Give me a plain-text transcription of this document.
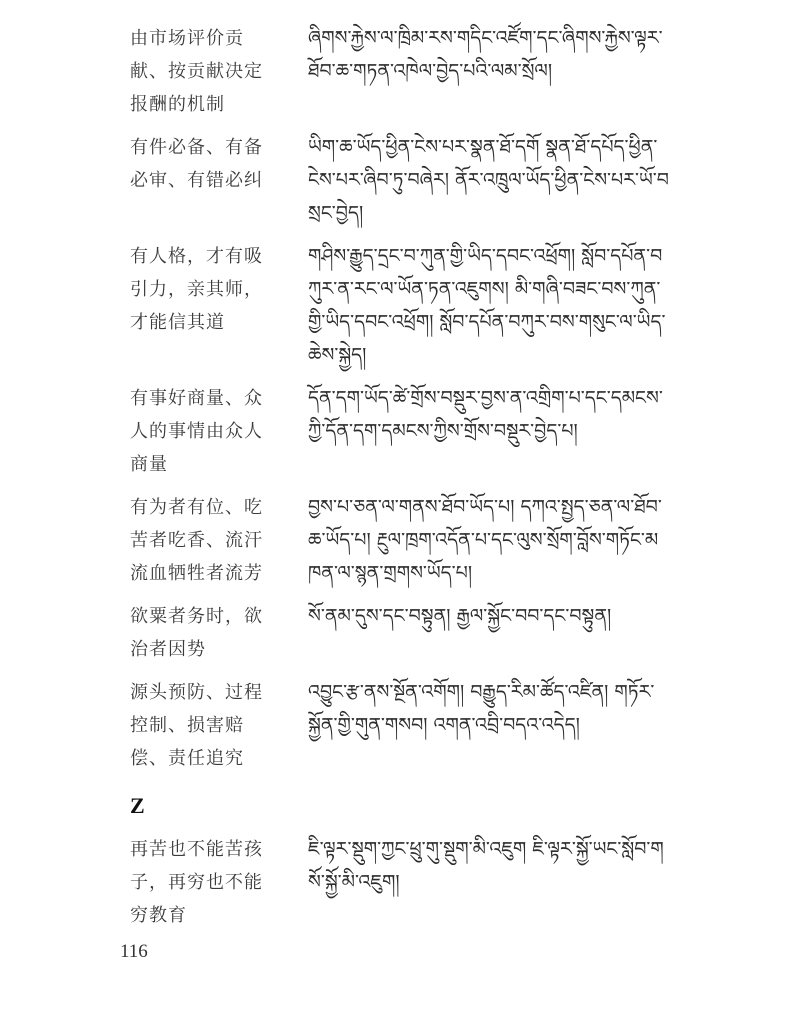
由市场评价贡献、按贡献决定报酬的机制
ཞིགས་རྐྱེས་ལ་ཁྲིམ་རས་གདིང་འཛོག་དང་ཞིགས་རྐྱེས་ལྟར་ཐོབ་ཆ་གཏན་འཁེལ་བྱེད་པའི་ལམ་སྲོལ།
有件必备、有备必审、有错必纠
ཡིག་ཆ་ཡོད་ཕྱིན་ངེས་པར་སྣན་ཐོ་དགོ སྣན་ཐོ་དཔོད་ཕྱིན་ངེས་པར་ཞིབ་ཏུ་བཞེར། ནོར་འཁྲུལ་ཡོད་ཕྱིན་ངེས་པར་ཡོ་བསྲང་བྱེད།
有人格，才有吸引力，亲其师，才能信其道
གཤིས་རྒྱུད་དྲང་བ་ཀུན་གྱི་ཡིད་དབང་འཕྲོག། སློབ་དཔོན་བཀུར་ན་རང་ལ་ཡོན་ཏན་འཇུགས། མི་གཞི་བཟང་བས་ཀུན་གྱི་ཡིད་དབང་འཕྲོག། སློབ་དཔོན་བཀུར་བས་གསུང་ལ་ཡིད་ཆེས་སྐྱེད།
有事好商量、众人的事情由众人商量
དོན་དག་ཡོད་ཚེ་གྲོས་བསྡུར་བྱས་ན་འགྲིག་པ་དང་དམངས་ཀྱི་དོན་དག་དམངས་ཀྱིས་གྲོས་བསྡུར་བྱེད་པ།
有为者有位、吃苦者吃香、流汗流血牺牲者流芳
བྱས་པ་ཅན་ལ་གནས་ཐོབ་ཡོད་པ། དཀའ་སྤྱད་ཅན་ལ་ཐོབ་ཆ་ཡོད་པ། རྔུལ་ཁྲག་འདོན་པ་དང་ལུས་སྲོག་བློས་གཏོང་མཁན་ལ་སྙན་གྲགས་ཡོད་པ།
欲粟者务时，欲治者因势
སོ་ནམ་དུས་དང་བསྟུན། རྒྱལ་སྐྱོང་བབ་དང་བསྟུན།
源头预防、过程控制、损害赔偿、责任追究
འབྱུང་རྩ་ནས་སྔོན་འགོག། བརྒྱུད་རིམ་ཚོད་འཛིན། གཏོར་སྐྱོན་གྱི་གུན་གསབ། འགན་འབྲི་བདའ་འདེད།
Z
再苦也不能苦孩子，再穷也不能穷教育
ཇི་ལྟར་སྡུག་ཀྱང་ཕྲུ་གུ་སྡུག་མི་འཇུག ཇི་ལྟར་སྐྱོ་ཡང་སློབ་གསོ་སྐྱོ་མི་འཇུག།
116
